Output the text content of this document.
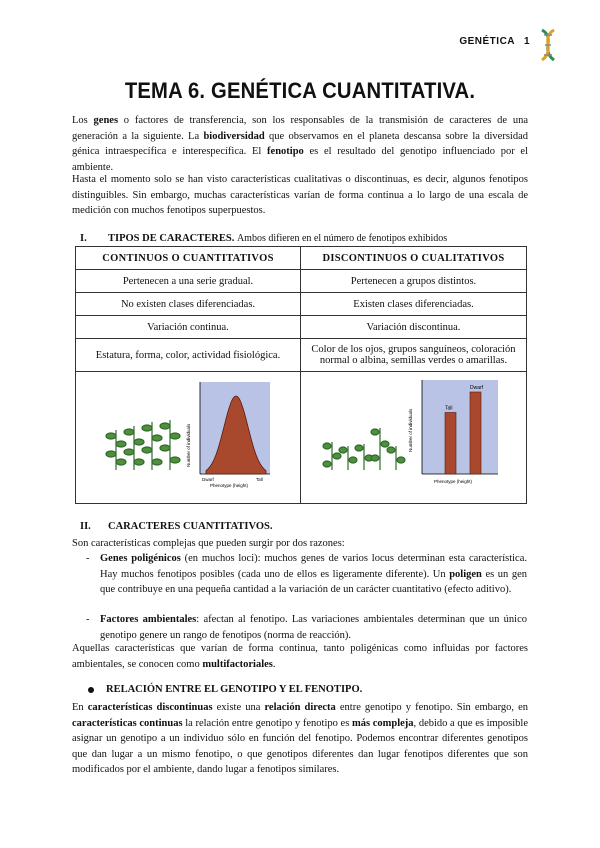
GENÉTICA 1
TEMA 6. GENÉTICA CUANTITATIVA.
Los genes o factores de transferencia, son los responsables de la transmisión de caracteres de una generación a la siguiente. La biodiversidad que observamos en el planeta descansa sobre la diversidad génica intraespecífica e interespecífica. El fenotipo es el resultado del genotipo influenciado por el ambiente.
Hasta el momento solo se han visto características cualitativas o discontinuas, es decir, algunos fenotipos distinguibles. Sin embargo, muchas características varían de forma continua a lo largo de una escala de medición con muchos fenotipos superpuestos.
I. TIPOS DE CARACTERES. Ambos difieren en el número de fenotipos exhibidos
CONTINUOS O CUANTITATIVOS	DISCONTINUOS O CUALITATIVOS
Pertenecen a una serie gradual.	Pertenecen a grupos distintos.
No existen clases diferenciadas.	Existen clases diferenciadas.
Variación continua.	Variación discontinua.
Estatura, forma, color, actividad fisiológica.	Color de los ojos, grupos sanguíneos, coloración normal o albina, semillas verdes o amarillas.

Number of individuals
Dwarf Tall
Phenotype (height)	Tall
Dwarf
Number of individuals
Phenotype (height)
II. CARACTERES CUANTITATIVOS.
Son características complejas que pueden surgir por dos razones:
- Genes poligénicos (en muchos loci): muchos genes de varios locus determinan esta característica. Hay muchos fenotipos posibles (cada uno de ellos es ligeramente diferente). Un poligen es un gen que contribuye en una pequeña cantidad a la variación de un carácter cuantitativo (efecto aditivo).
- Factores ambientales: afectan al fenotipo. Las variaciones ambientales determinan que un único genotipo genere un rango de fenotipos (norma de reacción).
Aquellas características que varían de forma continua, tanto poligénicas como influidas por factores ambientales, se conocen como multifactoriales.
RELACIÓN ENTRE EL GENOTIPO Y EL FENOTIPO.
En características discontinuas existe una relación directa entre genotipo y fenotipo. Sin embargo, en características continuas la relación entre genotipo y fenotipo es más compleja, debido a que es imposible asignar un genotipo a un individuo sólo en función del fenotipo. Podemos encontrar diferentes genotipos que dan lugar a un mismo fenotipo, o que genotipos diferentes dan lugar fenotipos diferentes que son modificados por el ambiente, dando lugar a fenotipos similares.
